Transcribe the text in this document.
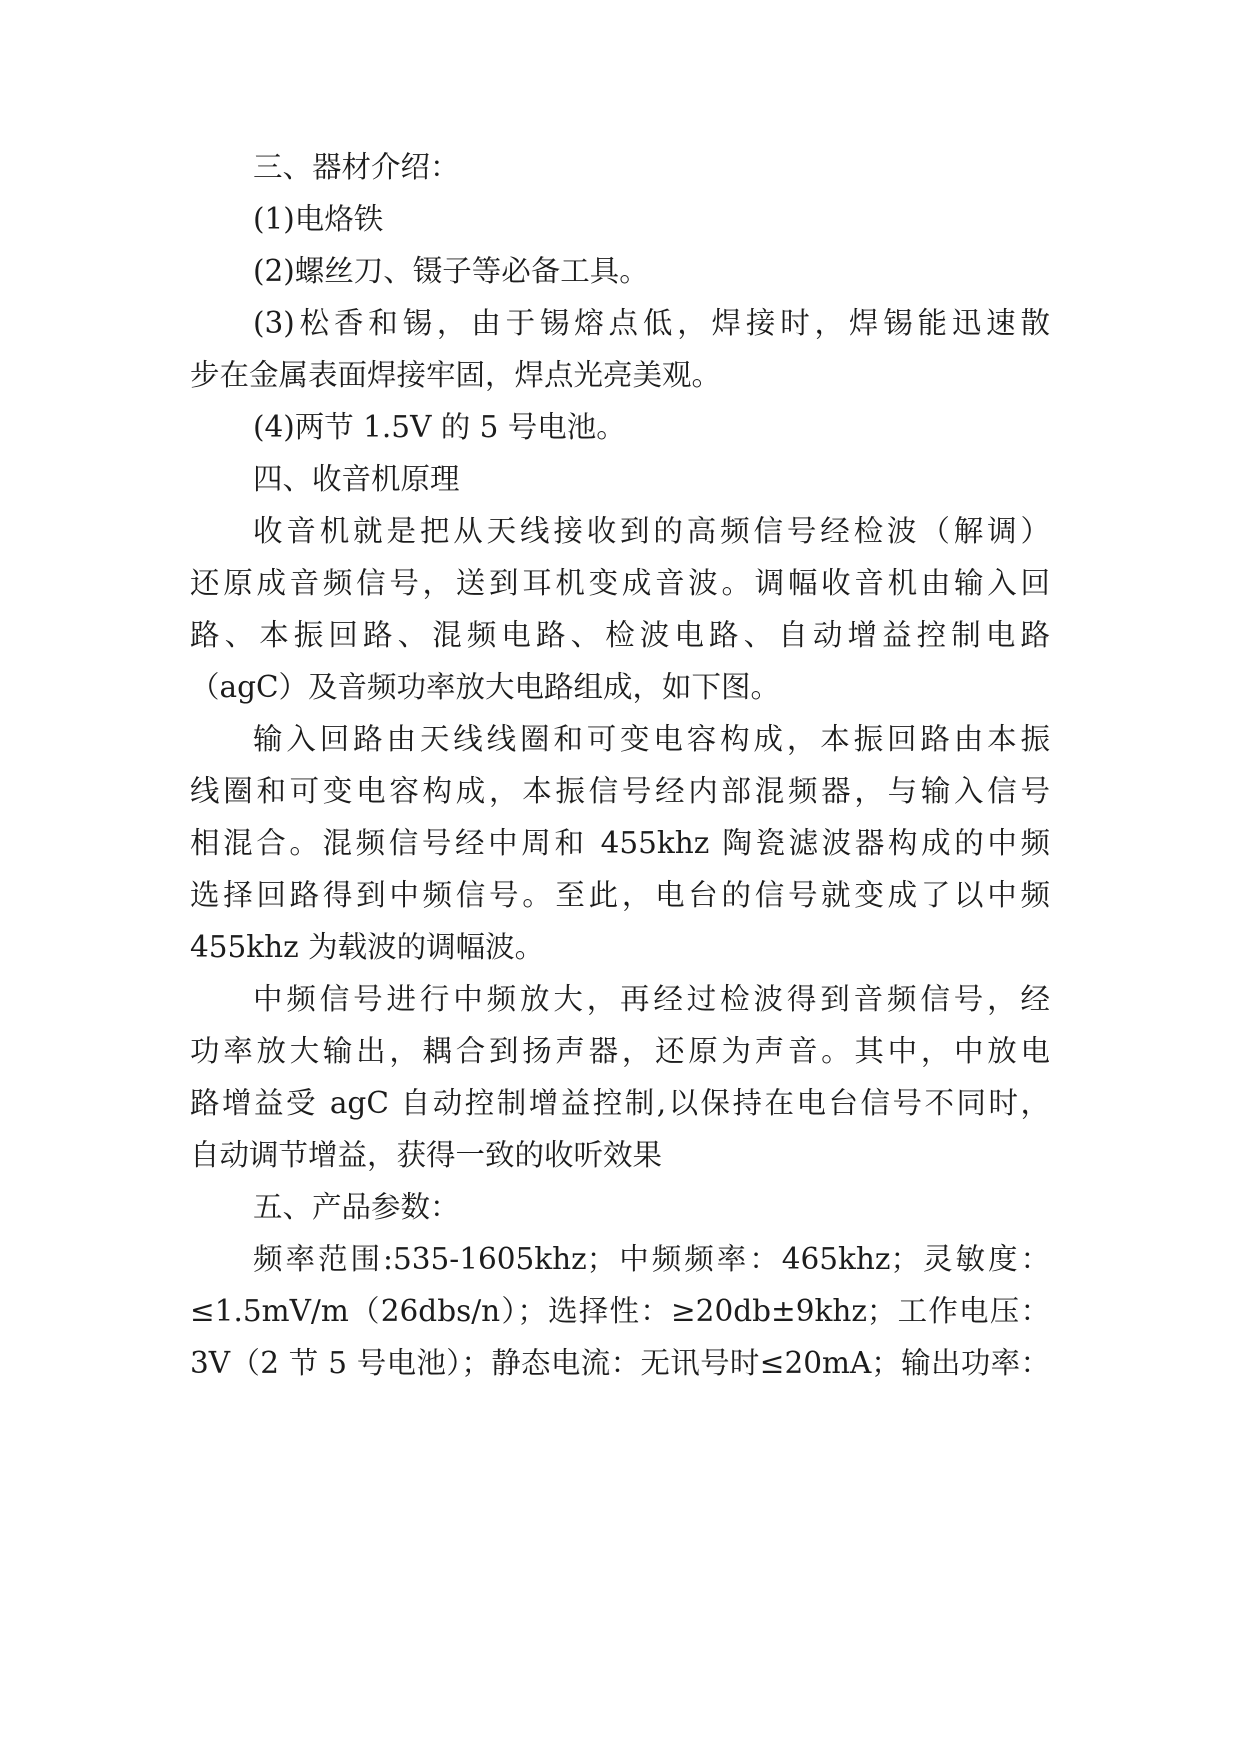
三、器材介绍：
(1)电烙铁
(2)螺丝刀、镊子等必备工具。
(3)松香和锡，由于锡熔点低，焊接时，焊锡能迅速散
步在金属表面焊接牢固，焊点光亮美观。
(4)两节 1.5V 的 5 号电池。
四、收音机原理
收音机就是把从天线接收到的高频信号经检波（解调）
还原成音频信号，送到耳机变成音波。调幅收音机由输入回
路、本振回路、混频电路、检波电路、自动增益控制电路
（agC）及音频功率放大电路组成，如下图。
输入回路由天线线圈和可变电容构成，本振回路由本振
线圈和可变电容构成，本振信号经内部混频器，与输入信号
相混合。混频信号经中周和 455khz 陶瓷滤波器构成的中频
选择回路得到中频信号。至此，电台的信号就变成了以中频
455khz 为载波的调幅波。
中频信号进行中频放大，再经过检波得到音频信号，经
功率放大输出，耦合到扬声器，还原为声音。其中，中放电
路增益受 agC 自动控制增益控制,以保持在电台信号不同时，
自动调节增益，获得一致的收听效果
五、产品参数：
频率范围:535-1605khz；中频频率：465khz；灵敏度：
≤1.5mV/m（26dbs/n）；选择性：≥20db±9khz；工作电压：
3V（2 节 5 号电池）；静态电流：无讯号时≤20mA；输出功率：
